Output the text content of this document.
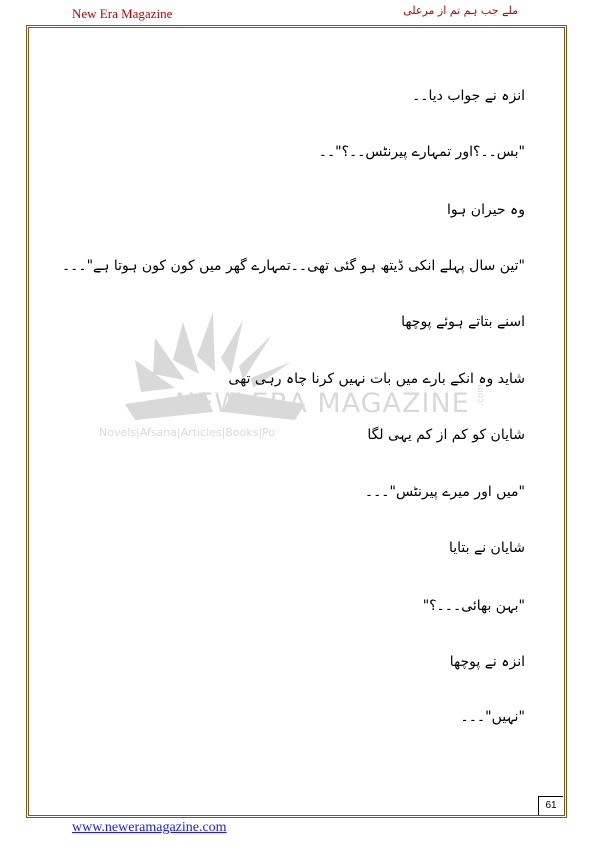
New Era Magazine	ملے جب ہم تم از مرعلی
NEW ERA MAGAZINE
Novels|Afsana|Articles|Books|Po
.com
انزہ نے جواب دیا۔۔
"بس۔۔؟اور تمہارے پیرنٹس۔۔؟"۔۔
وہ حیران ہوا
"تین سال پہلے انکی ڈیتھ ہو گئی تھی۔۔تمہارے گھر میں کون کون ہوتا ہے"۔۔۔
اسنے بتاتے ہوئے پوچھا
شاید وہ انکے بارے میں بات نہیں کرنا چاہ رہی تھی
شایان کو کم از کم یہی لگا
"میں اور میرے پیرنٹس"۔۔۔
شایان نے بتایا
"بہن بھائی۔۔۔؟"
انزہ نے پوچھا
"نہیں"۔۔۔
61
www.neweramagazine.com
